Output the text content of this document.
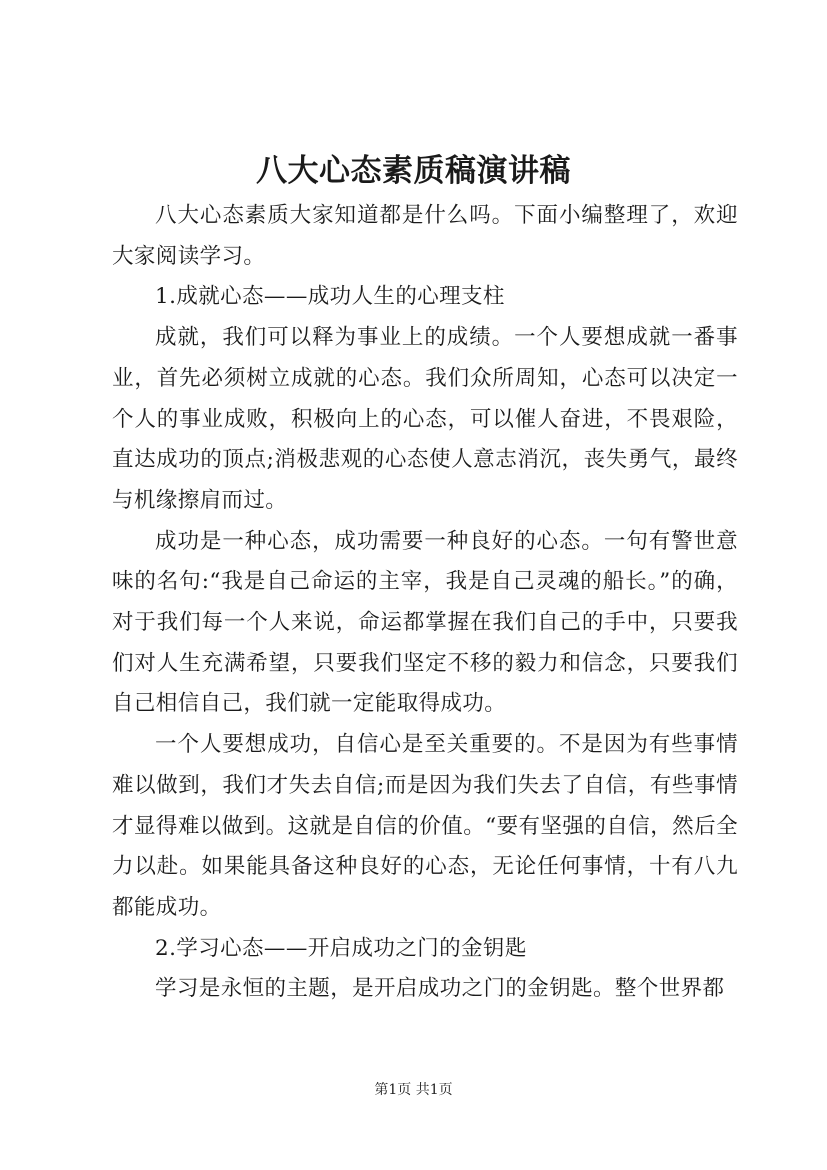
八大心态素质稿演讲稿

八大心态素质大家知道都是什么吗。下面小编整理了，欢迎大家阅读学习。

1.成就心态——成功人生的心理支柱

成就，我们可以释为事业上的成绩。一个人要想成就一番事业，首先必须树立成就的心态。我们众所周知，心态可以决定一个人的事业成败，积极向上的心态，可以催人奋进，不畏艰险，直达成功的顶点;消极悲观的心态使人意志消沉，丧失勇气，最终与机缘擦肩而过。

成功是一种心态，成功需要一种良好的心态。一句有警世意味的名句:“我是自己命运的主宰，我是自己灵魂的船长。”的确，对于我们每一个人来说，命运都掌握在我们自己的手中，只要我们对人生充满希望，只要我们坚定不移的毅力和信念，只要我们自己相信自己，我们就一定能取得成功。

一个人要想成功，自信心是至关重要的。不是因为有些事情难以做到，我们才失去自信;而是因为我们失去了自信，有些事情才显得难以做到。这就是自信的价值。“要有坚强的自信，然后全力以赴。如果能具备这种良好的心态，无论任何事情，十有八九都能成功。

2.学习心态——开启成功之门的金钥匙

学习是永恒的主题，是开启成功之门的金钥匙。整个世界都

第1页 共1页
